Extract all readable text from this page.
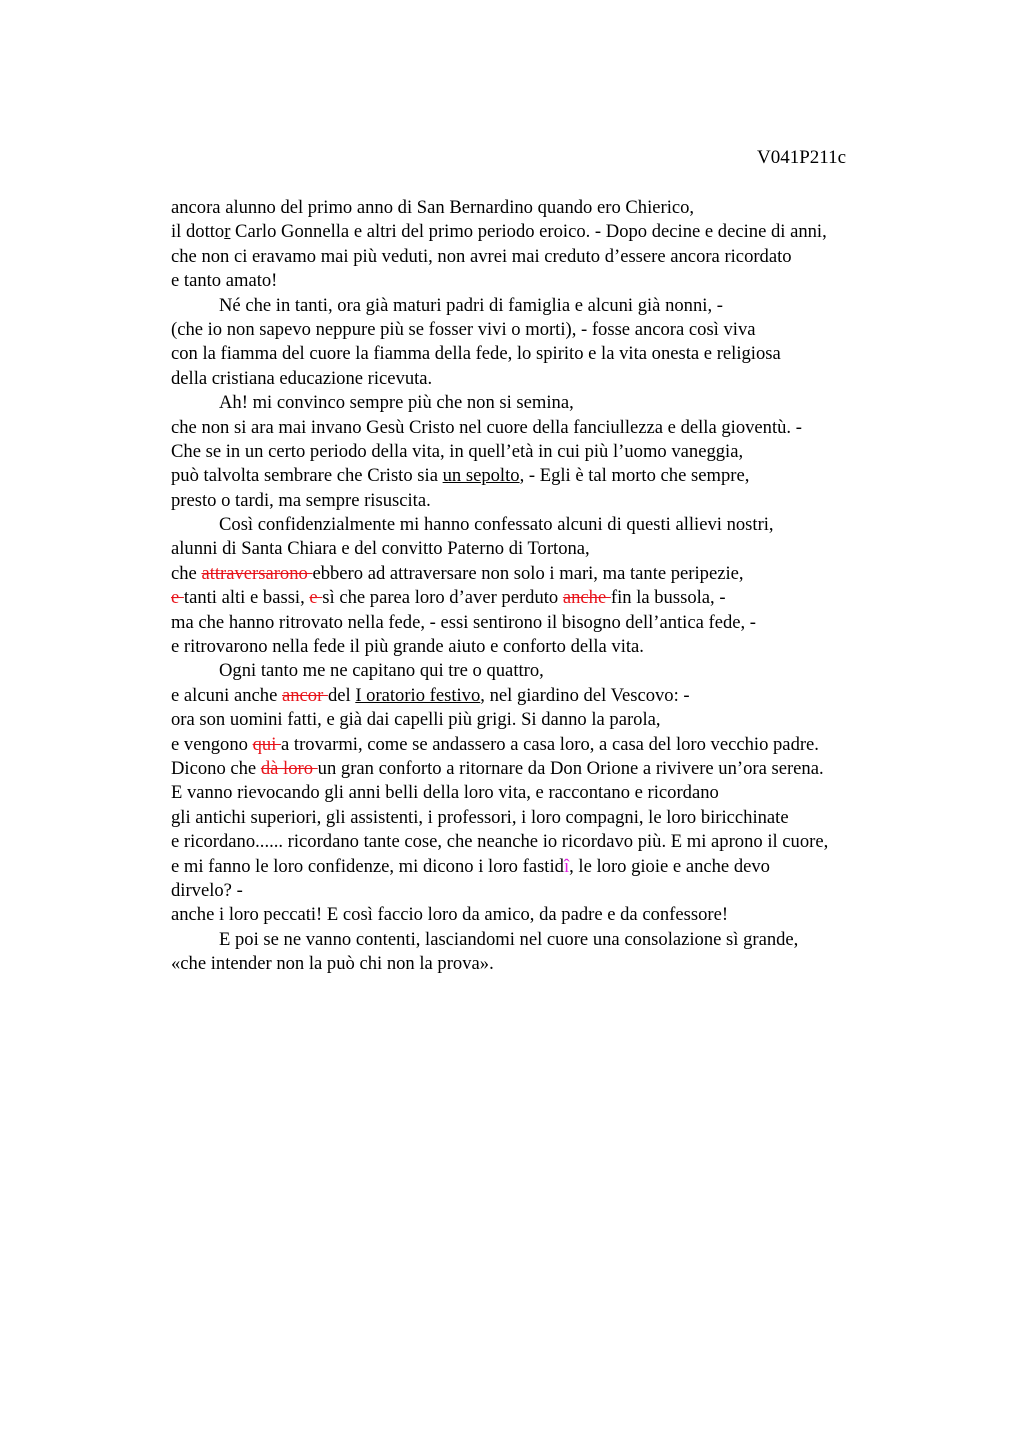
V041P211c
ancora alunno del primo anno di San Bernardino quando ero Chierico,
il dottor Carlo Gonnella e altri del primo periodo eroico. - Dopo decine e decine di anni,
che non ci eravamo mai più veduti, non avrei mai creduto d’essere ancora ricordato
e tanto amato!
Né che in tanti, ora già maturi padri di famiglia e alcuni già nonni, -
(che io non sapevo neppure più se fosser vivi o morti), - fosse ancora così viva
con la fiamma del cuore la fiamma della fede, lo spirito e la vita onesta e religiosa
della cristiana educazione ricevuta.
Ah! mi convinco sempre più che non si semina,
che non si ara mai invano Gesù Cristo nel cuore della fanciullezza e della gioventù. -
Che se in un certo periodo della vita, in quell’età in cui più l’uomo vaneggia,
può talvolta sembrare che Cristo sia un sepolto, - Egli è tal morto che sempre,
presto o tardi, ma sempre risuscita.
Così confidenzialmente mi hanno confessato alcuni di questi allievi nostri,
alunni di Santa Chiara e del convitto Paterno di Tortona,
che attraversarono ebbero ad attraversare non solo i mari, ma tante peripezie,
e tanti alti e bassi, e sì che parea loro d’aver perduto anche fin la bussola, -
ma che hanno ritrovato nella fede, - essi sentirono il bisogno dell’antica fede, -
e ritrovarono nella fede il più grande aiuto e conforto della vita.
Ogni tanto me ne capitano qui tre o quattro,
e alcuni anche ancor del I oratorio festivo, nel giardino del Vescovo: -
ora son uomini fatti, e già dai capelli più grigi. Si danno la parola,
e vengono qui a trovarmi, come se andassero a casa loro, a casa del loro vecchio padre.
Dicono che dà loro un gran conforto a ritornare da Don Orione a rivivere un’ora serena.
E vanno rievocando gli anni belli della loro vita, e raccontano e ricordano
gli antichi superiori, gli assistenti, i professori, i loro compagni, le loro biricchinate
e ricordano...... ricordano tante cose, che neanche io ricordavo più. E mi aprono il cuore,
e mi fanno le loro confidenze, mi dicono i loro fastidî, le loro gioie e anche devo
dirvelo? -
anche i loro peccati! E così faccio loro da amico, da padre e da confessore!
E poi se ne vanno contenti, lasciandomi nel cuore una consolazione sì grande,
«che intender non la può chi non la prova».
